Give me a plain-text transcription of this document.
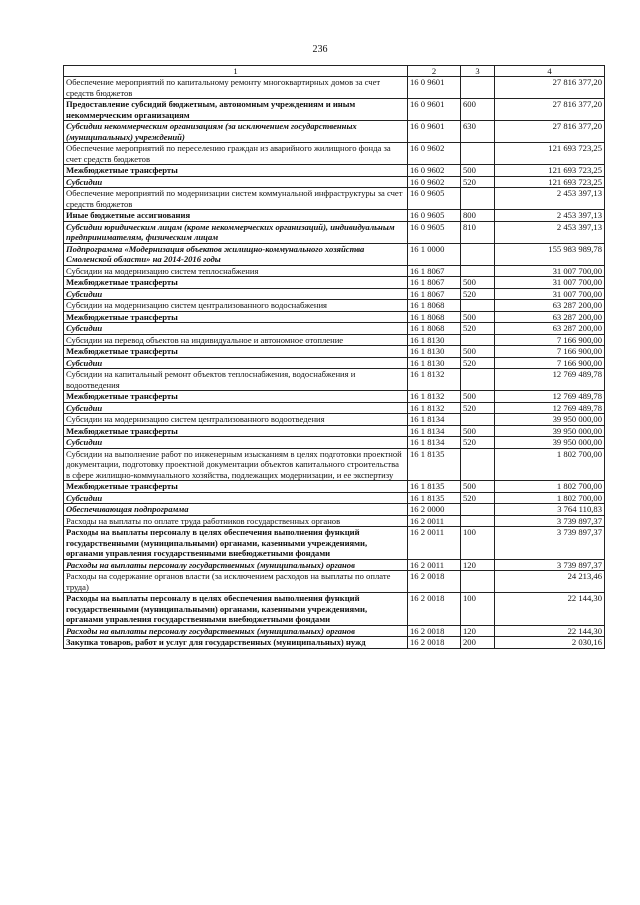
236
1	2	3	4
Обеспечение мероприятий по капитальному ремонту многоквартирных домов за счет средств бюджетов	16 0 9601		27 816 377,20
Предоставление субсидий бюджетным, автономным учреждениям и иным некоммерческим организациям	16 0 9601	600	27 816 377,20
Субсидии некоммерческим организациям (за исключением государственных (муниципальных) учреждений)	16 0 9601	630	27 816 377,20
Обеспечение мероприятий по переселению граждан из аварийного жилищного фонда за счет средств бюджетов	16 0 9602		121 693 723,25
Межбюджетные трансферты	16 0 9602	500	121 693 723,25
Субсидии	16 0 9602	520	121 693 723,25
Обеспечение мероприятий по модернизации систем коммунальной инфраструктуры за счет средств бюджетов	16 0 9605		2 453 397,13
Иные бюджетные ассигнования	16 0 9605	800	2 453 397,13
Субсидии юридическим лицам (кроме некоммерческих организаций), индивидуальным предпринимателям, физическим лицам	16 0 9605	810	2 453 397,13
Подпрограмма «Модернизация объектов жилищно-коммунального хозяйства Смоленской области» на 2014-2016 годы	16 1 0000		155 983 989,78
Субсидии на модернизацию систем теплоснабжения	16 1 8067		31 007 700,00
Межбюджетные трансферты	16 1 8067	500	31 007 700,00
Субсидии	16 1 8067	520	31 007 700,00
Субсидии на модернизацию систем централизованного водоснабжения	16 1 8068		63 287 200,00
Межбюджетные трансферты	16 1 8068	500	63 287 200,00
Субсидии	16 1 8068	520	63 287 200,00
Субсидии на перевод объектов на индивидуальное и автономное отопление	16 1 8130		7 166 900,00
Межбюджетные трансферты	16 1 8130	500	7 166 900,00
Субсидии	16 1 8130	520	7 166 900,00
Субсидии на капитальный ремонт объектов теплоснабжения, водоснабжения и водоотведения	16 1 8132		12 769 489,78
Межбюджетные трансферты	16 1 8132	500	12 769 489,78
Субсидии	16 1 8132	520	12 769 489,78
Субсидии на модернизацию систем централизованного водоотведения	16 1 8134		39 950 000,00
Межбюджетные трансферты	16 1 8134	500	39 950 000,00
Субсидии	16 1 8134	520	39 950 000,00
Субсидии на выполнение работ по инженерным изысканиям в целях подготовки проектной документации, подготовку проектной документации объектов капитального строительства в сфере жилищно-коммунального хозяйства, подлежащих модернизации, и ее экспертизу	16 1 8135		1 802 700,00
Межбюджетные трансферты	16 1 8135	500	1 802 700,00
Субсидии	16 1 8135	520	1 802 700,00
Обеспечивающая подпрограмма	16 2 0000		3 764 110,83
Расходы на выплаты по оплате труда работников государственных органов	16 2 0011		3 739 897,37
Расходы на выплаты персоналу в целях обеспечения выполнения функций государственными (муниципальными) органами, казенными учреждениями, органами управления государственными внебюджетными фондами	16 2 0011	100	3 739 897,37
Расходы на выплаты персоналу государственных (муниципальных) органов	16 2 0011	120	3 739 897,37
Расходы на содержание органов власти (за исключением расходов на выплаты по оплате труда)	16 2 0018		24 213,46
Расходы на выплаты персоналу в целях обеспечения выполнения функций государственными (муниципальными) органами, казенными учреждениями, органами управления государственными внебюджетными фондами	16 2 0018	100	22 144,30
Расходы на выплаты персоналу государственных (муниципальных) органов	16 2 0018	120	22 144,30
Закупка товаров, работ и услуг для государственных (муниципальных) нужд	16 2 0018	200	2 030,16
